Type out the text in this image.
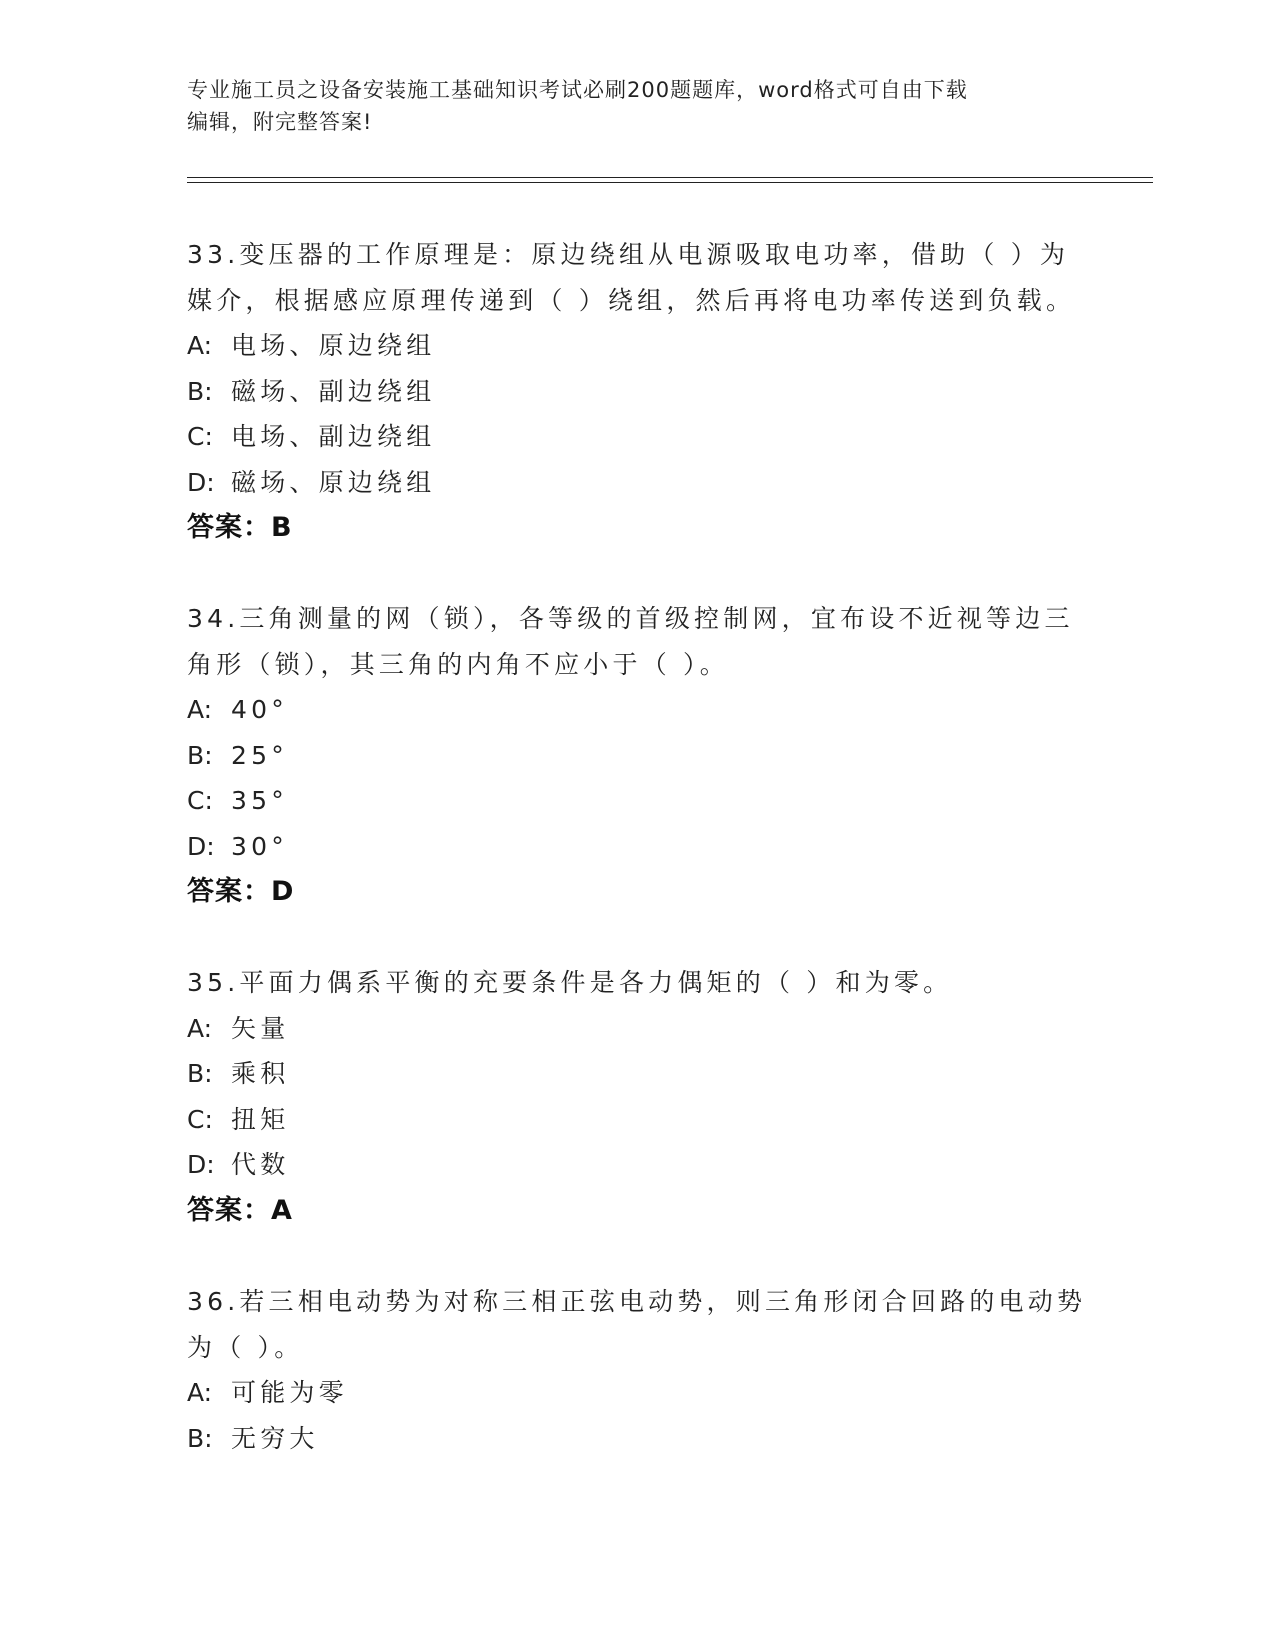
专业施工员之设备安装施工基础知识考试必刷200题题库，word格式可自由下载
编辑，附完整答案!

33.变压器的工作原理是：原边绕组从电源吸取电功率，借助（ ）为

媒介，根据感应原理传递到（ ）绕组，然后再将电功率传送到负载。

A: 电场、原边绕组

B: 磁场、副边绕组

C: 电场、副边绕组

D: 磁场、原边绕组

答案：B

34.三角测量的网（锁），各等级的首级控制网，宜布设不近视等边三

角形（锁），其三角的内角不应小于（ ）。

A: 40°

B: 25°

C: 35°

D: 30°

答案：D

35.平面力偶系平衡的充要条件是各力偶矩的（ ）和为零。

A: 矢量

B: 乘积

C: 扭矩

D: 代数

答案：A

36.若三相电动势为对称三相正弦电动势，则三角形闭合回路的电动势

为（ ）。

A: 可能为零

B: 无穷大
